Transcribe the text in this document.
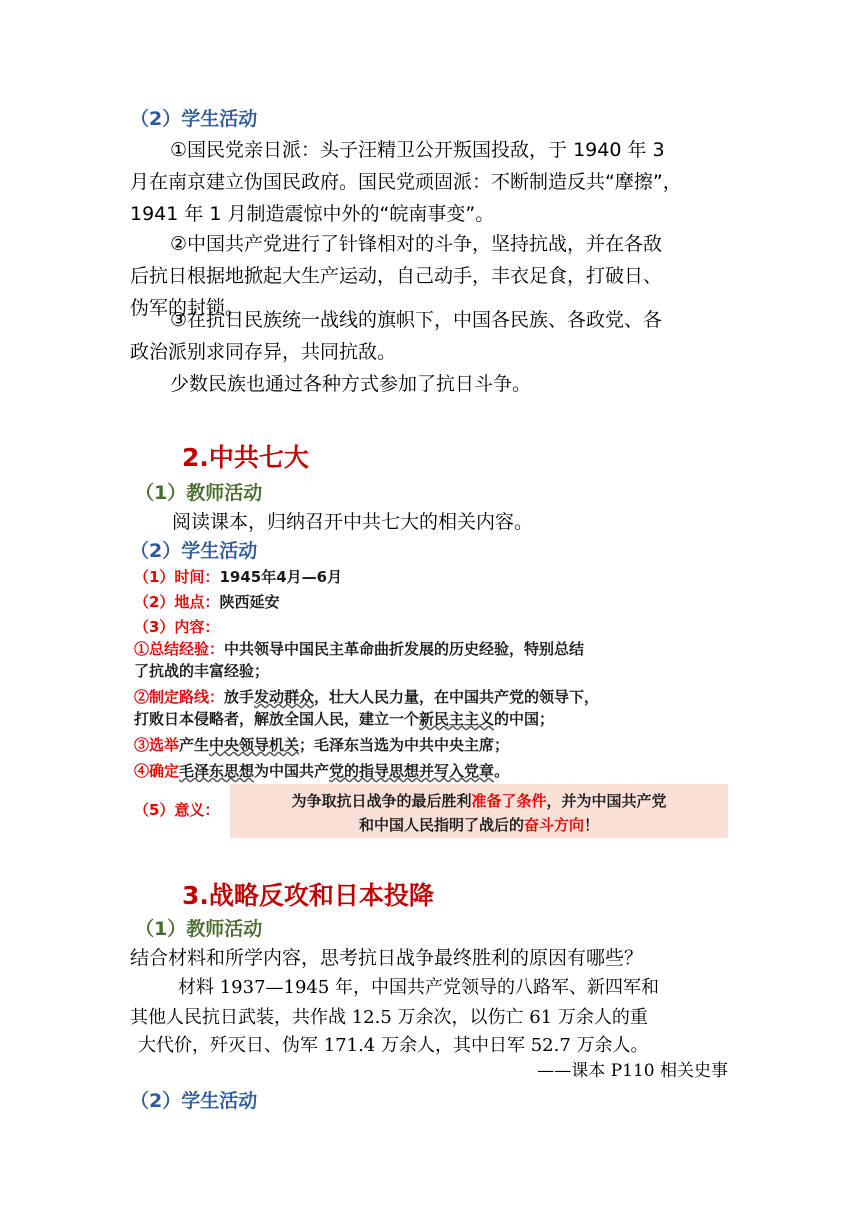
（2）学生活动
①国民党亲日派：头子汪精卫公开叛国投敌，于 1940 年 3
月在南京建立伪国民政府。国民党顽固派：不断制造反共“摩擦”，
1941 年 1 月制造震惊中外的“皖南事变”。
②中国共产党进行了针锋相对的斗争，坚持抗战，并在各敌
后抗日根据地掀起大生产运动，自己动手，丰衣足食，打破日、
伪军的封锁。
③在抗日民族统一战线的旗帜下，中国各民族、各政党、各
政治派别求同存异，共同抗敌。
少数民族也通过各种方式参加了抗日斗争。
2.中共七大
（1）教师活动
阅读课本，归纳召开中共七大的相关内容。
（2）学生活动
（1）时间：1945年4月—6月
（2）地点：陕西延安
（3）内容：
①总结经验：中共领导中国民主革命曲折发展的历史经验，特别总结
了抗战的丰富经验；
②制定路线：放手发动群众，壮大人民力量，在中国共产党的领导下，
打败日本侵略者，解放全国人民，建立一个新民主主义的中国；
③选举产生中央领导机关；毛泽东当选为中共中央主席；
④确定毛泽东思想为中国共产党的指导思想并写入党章。
（5）意义：	为争取抗日战争的最后胜利准备了条件，并为中国共产党
和中国人民指明了战后的奋斗方向！
3.战略反攻和日本投降
（1）教师活动
结合材料和所学内容，思考抗日战争最终胜利的原因有哪些？
材料 1937—1945 年，中国共产党领导的八路军、新四军和
其他人民抗日武装，共作战 12.5 万余次，以伤亡 61 万余人的重
大代价，歼灭日、伪军 171.4 万余人，其中日军 52.7 万余人。
——课本 P110 相关史事
（2）学生活动
